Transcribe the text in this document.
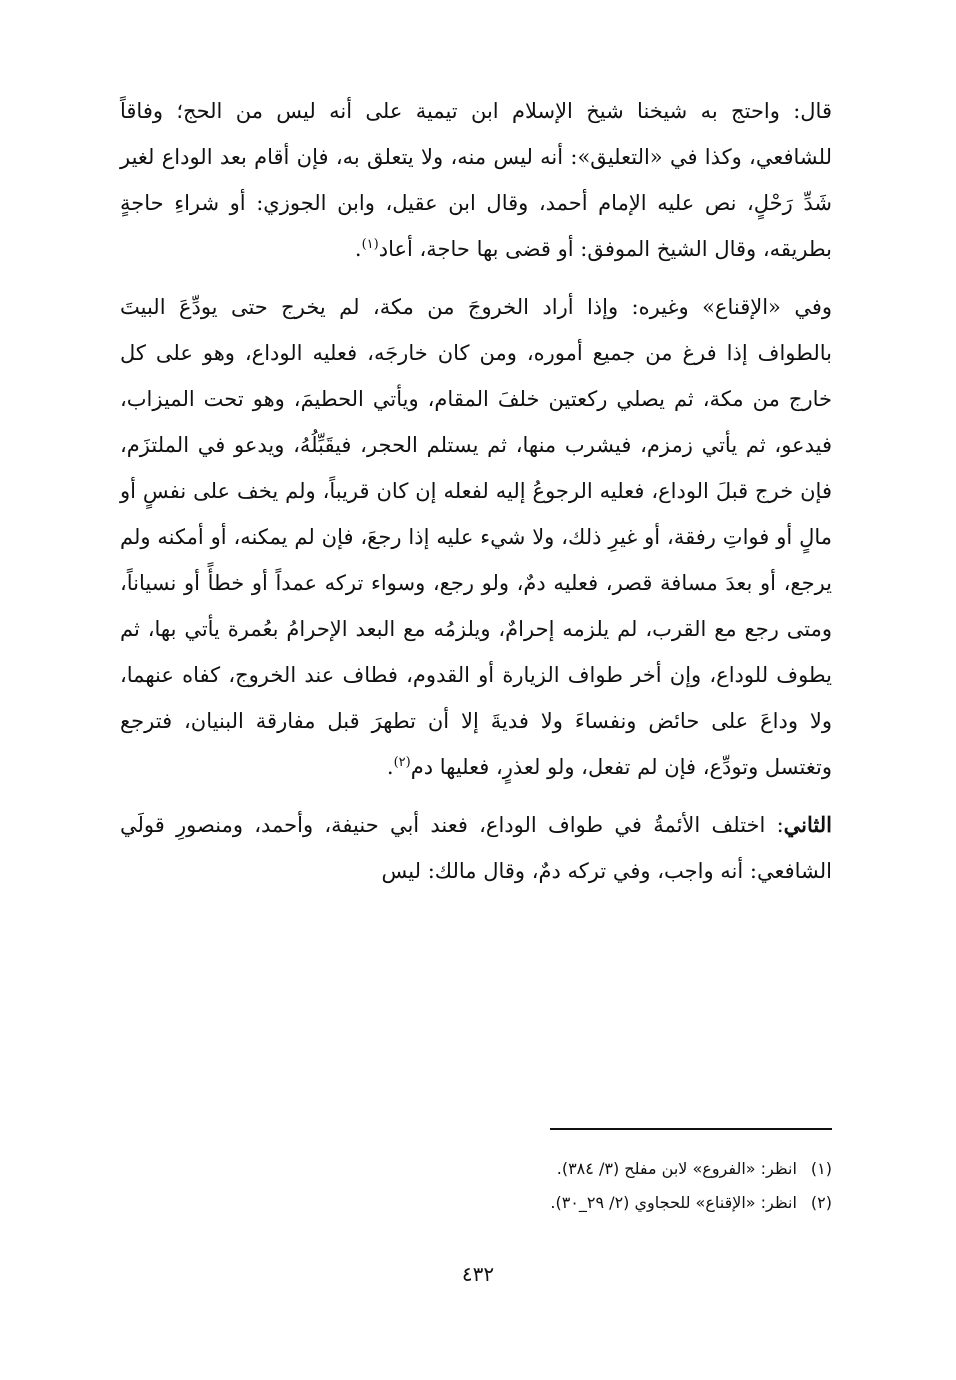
قال: واحتج به شيخنا شيخ الإسلام ابن تيمية على أنه ليس من الحج؛ وفاقاً للشافعي، وكذا في «التعليق»: أنه ليس منه، ولا يتعلق به، فإن أقام بعد الوداع لغير شَدِّ رَحْلٍ، نص عليه الإمام أحمد، وقال ابن عقيل، وابن الجوزي: أو شراءِ حاجةٍ بطريقه، وقال الشيخ الموفق: أو قضى بها حاجة، أعاد$^{(١)}$.

وفي «الإقناع» وغيره: وإذا أراد الخروجَ من مكة، لم يخرج حتى يودِّعَ البيتَ بالطواف إذا فرغ من جميع أموره، ومن كان خارجَه، فعليه الوداع، وهو على كل خارج من مكة، ثم يصلي ركعتين خلفَ المقام، ويأتي الحطيمَ، وهو تحت الميزاب، فيدعو، ثم يأتي زمزم، فيشرب منها، ثم يستلم الحجر، فيقَبِّلُهُ، ويدعو في الملتزَم، فإن خرج قبلَ الوداع، فعليه الرجوعُ إليه لفعله إن كان قريباً، ولم يخف على نفسٍ أو مالٍ أو فواتِ رفقة، أو غيرِ ذلك، ولا شيء عليه إذا رجعَ، فإن لم يمكنه، أو أمكنه ولم يرجع، أو بعدَ مسافة قصر، فعليه دمٌ، ولو رجع، وسواء تركه عمداً أو خطأً أو نسياناً، ومتى رجع مع القرب، لم يلزمه إحرامٌ، ويلزمُه مع البعد الإحرامُ بعُمرة يأتي بها، ثم يطوف للوداع، وإن أخر طواف الزيارة أو القدوم، فطاف عند الخروج، كفاه عنهما، ولا وداعَ على حائض ونفساءَ ولا فديةَ إلا أن تطهرَ قبل مفارقة البنيان، فترجع وتغتسل وتودِّع، فإن لم تفعل، ولو لعذرٍ، فعليها دم$^{(٢)}$.

الثاني: اختلف الأئمةُ في طواف الوداع، فعند أبي حنيفة، وأحمد، ومنصورِ قولَي الشافعي: أنه واجب، وفي تركه دمٌ، وقال مالك: ليس

(١)انظر: «الفروع» لابن مفلح (٣/ ٣٨٤).
(٢)انظر: «الإقناع» للحجاوي (٢/ ٢٩_٣٠).
٤٣٢
